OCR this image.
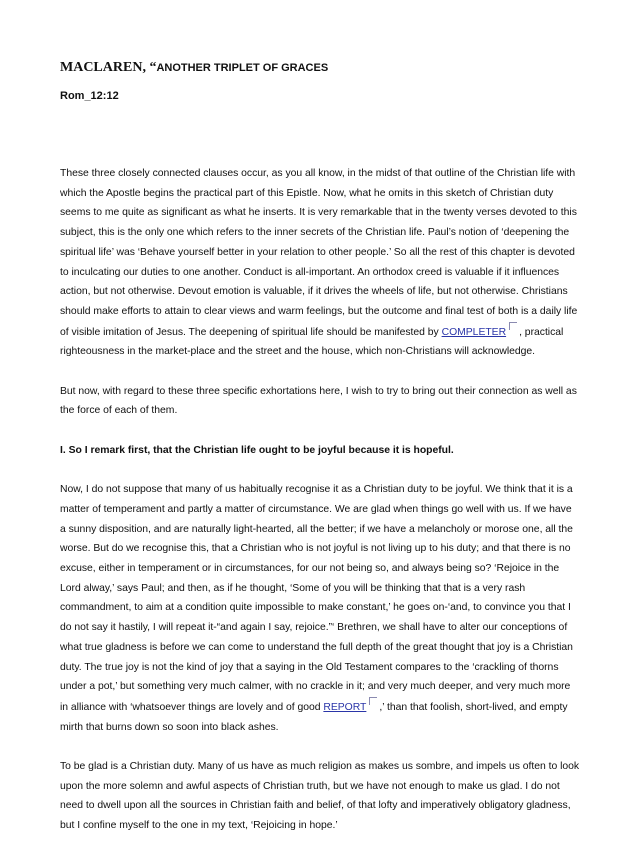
MACLAREN, “ANOTHER TRIPLET OF GRACES
Rom_12:12

These three closely connected clauses occur, as you all know, in the midst of that outline of the Christian life with which the Apostle begins the practical part of this Epistle. Now, what he omits in this sketch of Christian duty seems to me quite as significant as what he inserts. It is very remarkable that in the twenty verses devoted to this subject, this is the only one which refers to the inner secrets of the Christian life. Paul’s notion of ‘deepening the spiritual life’ was ‘Behave yourself better in your relation to other people.’ So all the rest of this chapter is devoted to inculcating our duties to one another. Conduct is all-important. An orthodox creed is valuable if it influences action, but not otherwise. Devout emotion is valuable, if it drives the wheels of life, but not otherwise. Christians should make efforts to attain to clear views and warm feelings, but the outcome and final test of both is a daily life of visible imitation of Jesus. The deepening of spiritual life should be manifested by COMPLETER , practical righteousness in the market-place and the street and the house, which non-Christians will acknowledge.

But now, with regard to these three specific exhortations here, I wish to try to bring out their connection as well as the force of each of them.

I. So I remark first, that the Christian life ought to be joyful because it is hopeful.

Now, I do not suppose that many of us habitually recognise it as a Christian duty to be joyful. We think that it is a matter of temperament and partly a matter of circumstance. We are glad when things go well with us. If we have a sunny disposition, and are naturally light-hearted, all the better; if we have a melancholy or morose one, all the worse. But do we recognise this, that a Christian who is not joyful is not living up to his duty; and that there is no excuse, either in temperament or in circumstances, for our not being so, and always being so? ‘Rejoice in the Lord alway,’ says Paul; and then, as if he thought, ‘Some of you will be thinking that that is a very rash commandment, to aim at a condition quite impossible to make constant,’ he goes on-‘and, to convince you that I do not say it hastily, I will repeat it-“and again I say, rejoice.”‘ Brethren, we shall have to alter our conceptions of what true gladness is before we can come to understand the full depth of the great thought that joy is a Christian duty. The true joy is not the kind of joy that a saying in the Old Testament compares to the ‘crackling of thorns under a pot,’ but something very much calmer, with no crackle in it; and very much deeper, and very much more in alliance with ‘whatsoever things are lovely and of good REPORT ,’ than that foolish, short-lived, and empty mirth that burns down so soon into black ashes.

To be glad is a Christian duty. Many of us have as much religion as makes us sombre, and impels us often to look upon the more solemn and awful aspects of Christian truth, but we have not enough to make us glad. I do not need to dwell upon all the sources in Christian faith and belief, of that lofty and imperatively obligatory gladness, but I confine myself to the one in my text, ‘Rejoicing in hope.’
